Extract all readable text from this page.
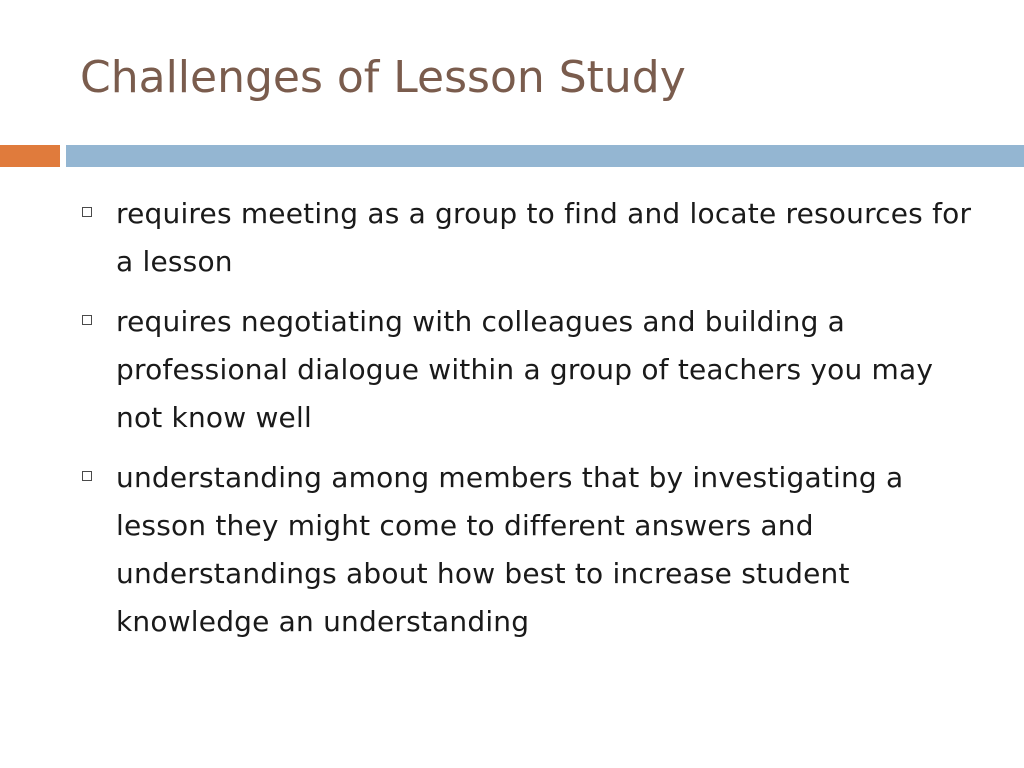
Challenges of Lesson Study
requires meeting as a group to find and locate resources for a lesson
requires negotiating with colleagues and building a professional dialogue within a group of teachers you may not know well
understanding among members that by investigating a lesson they might come to different answers and understandings about how best to increase student knowledge an understanding
